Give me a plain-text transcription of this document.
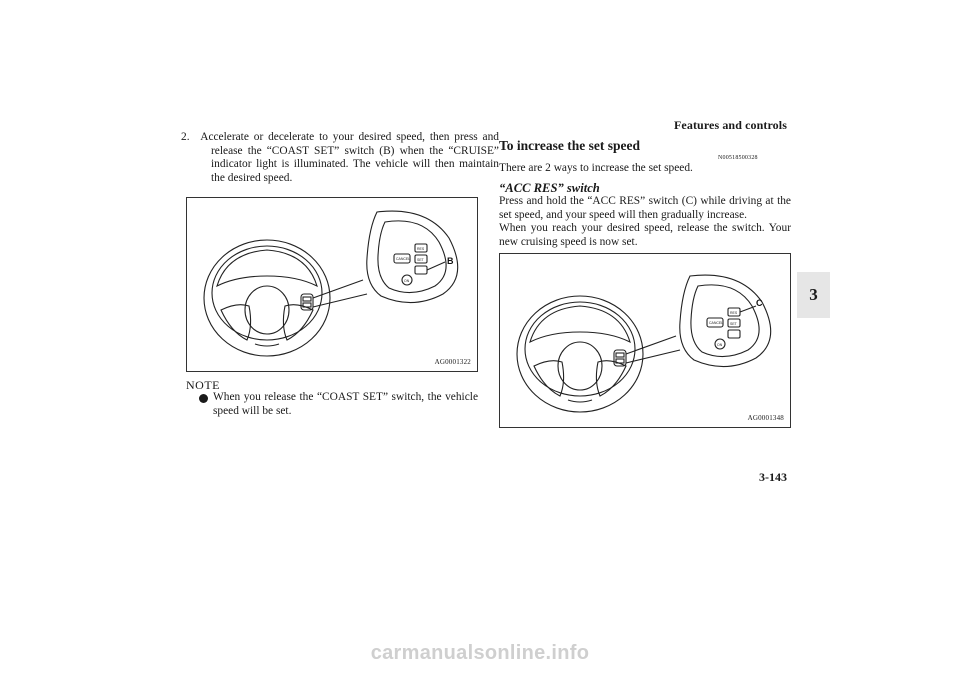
Features and controls
3

2. Accelerate or decelerate to your desired speed, then press and release the “COAST SET” switch (B) when the “CRUISE” indicator light is illuminated. The vehicle will then maintain the desired speed.

CANCEL
RES
SET
ON
B
AG0001322
NOTE
When you release the “COAST SET” switch, the vehicle speed will be set.
To increase the set speed
N00518500328

There are 2 ways to increase the set speed.

“ACC RES” switch

Press and hold the “ACC RES” switch (C) while driving at the set speed, and your speed will then gradually increase.

When you reach your desired speed, release the switch. Your new cruising speed is now set.

CANCEL
RES
SET
ON
C
AG0001348
3-143
carmanualsonline.info
